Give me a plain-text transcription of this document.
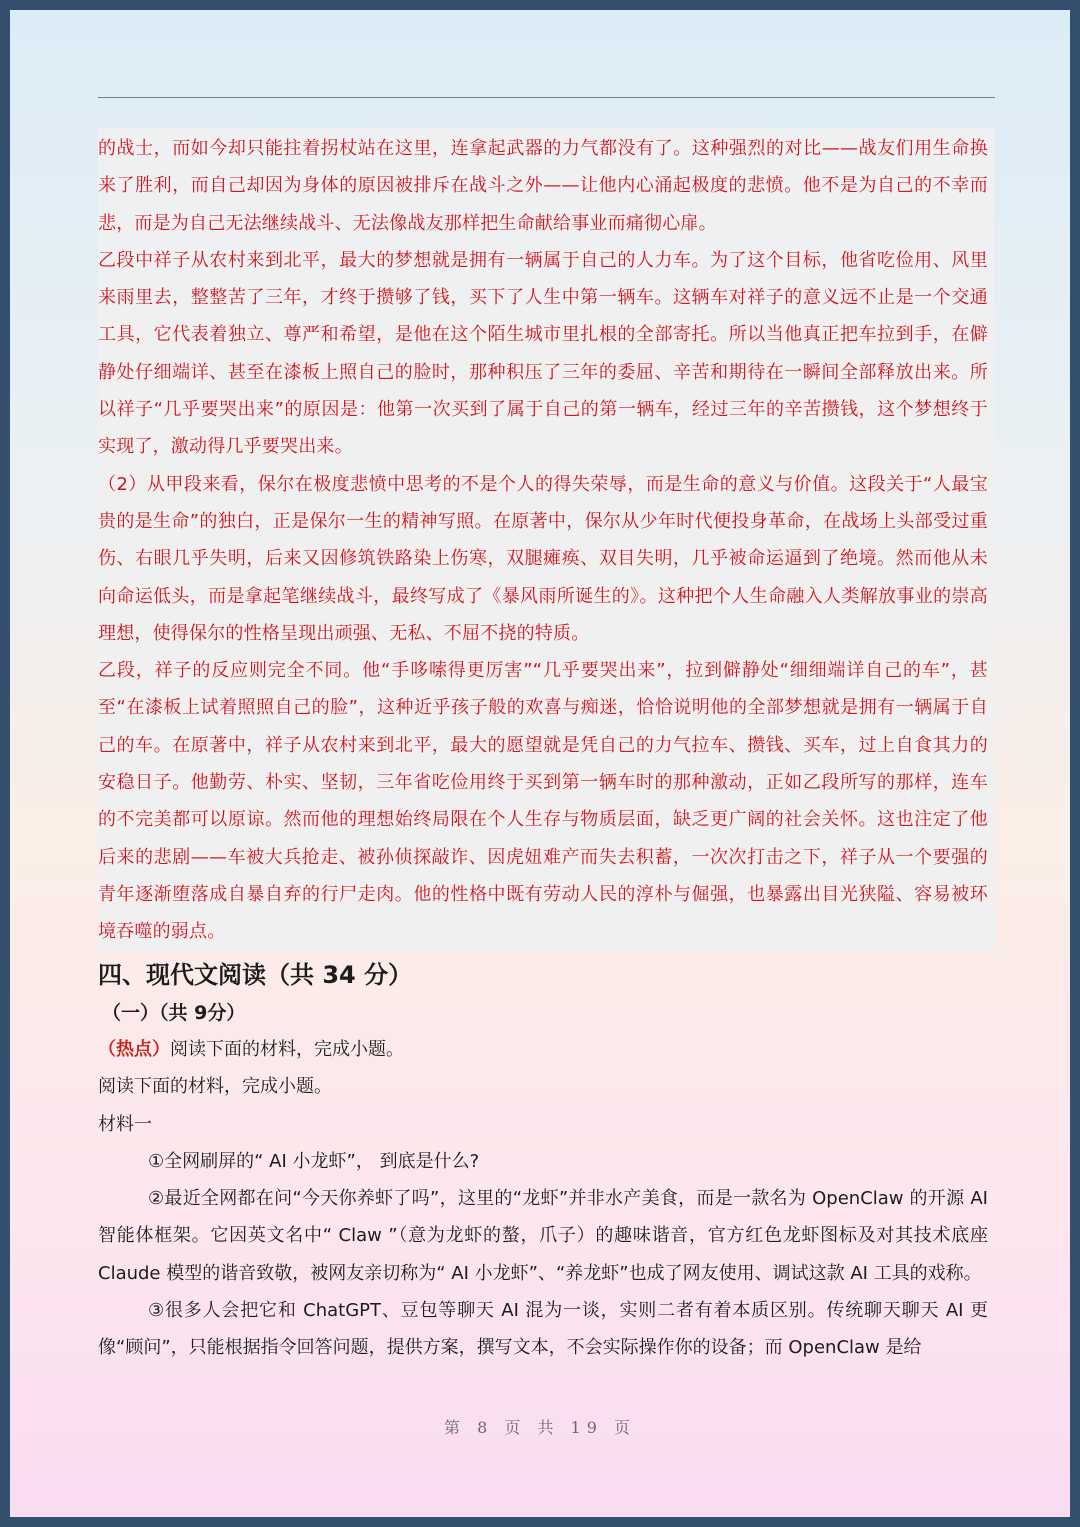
的战士，而如今却只能拄着拐杖站在这里，连拿起武器的力气都没有了。这种强烈的对比——战友们用生命换来了胜利，而自己却因为身体的原因被排斥在战斗之外——让他内心涌起极度的悲愤。他不是为自己的不幸而悲，而是为自己无法继续战斗、无法像战友那样把生命献给事业而痛彻心扉。

乙段中祥子从农村来到北平，最大的梦想就是拥有一辆属于自己的人力车。为了这个目标，他省吃俭用、风里来雨里去，整整苦了三年，才终于攒够了钱，买下了人生中第一辆车。这辆车对祥子的意义远不止是一个交通工具，它代表着独立、尊严和希望，是他在这个陌生城市里扎根的全部寄托。所以当他真正把车拉到手，在僻静处仔细端详、甚至在漆板上照自己的脸时，那种积压了三年的委屈、辛苦和期待在一瞬间全部释放出来。所以祥子“几乎要哭出来”的原因是：他第一次买到了属于自己的第一辆车，经过三年的辛苦攒钱，这个梦想终于实现了，激动得几乎要哭出来。

（2）从甲段来看，保尔在极度悲愤中思考的不是个人的得失荣辱，而是生命的意义与价值。这段关于“人最宝贵的是生命”的独白，正是保尔一生的精神写照。在原著中，保尔从少年时代便投身革命，在战场上头部受过重伤、右眼几乎失明，后来又因修筑铁路染上伤寒，双腿瘫痪、双目失明，几乎被命运逼到了绝境。然而他从未向命运低头，而是拿起笔继续战斗，最终写成了《暴风雨所诞生的》。这种把个人生命融入人类解放事业的崇高理想，使得保尔的性格呈现出顽强、无私、不屈不挠的特质。

乙段，祥子的反应则完全不同。他“手哆嗦得更厉害”“几乎要哭出来”，拉到僻静处“细细端详自己的车”，甚至“在漆板上试着照照自己的脸”，这种近乎孩子般的欢喜与痴迷，恰恰说明他的全部梦想就是拥有一辆属于自己的车。在原著中，祥子从农村来到北平，最大的愿望就是凭自己的力气拉车、攒钱、买车，过上自食其力的安稳日子。他勤劳、朴实、坚韧，三年省吃俭用终于买到第一辆车时的那种激动，正如乙段所写的那样，连车的不完美都可以原谅。然而他的理想始终局限在个人生存与物质层面，缺乏更广阔的社会关怀。这也注定了他后来的悲剧——车被大兵抢走、被孙侦探敲诈、因虎妞难产而失去积蓄，一次次打击之下，祥子从一个要强的青年逐渐堕落成自暴自弃的行尸走肉。他的性格中既有劳动人民的淳朴与倔强，也暴露出目光狭隘、容易被环境吞噬的弱点。

四、现代文阅读（共 34 分）
（一）（共 9分）
（热点）阅读下面的材料，完成小题。
阅读下面的材料，完成小题。
材料一

①全网刷屏的“ AI 小龙虾”， 到底是什么?

②最近全网都在问“今天你养虾了吗”，这里的“龙虾”并非水产美食，而是一款名为 OpenClaw 的开源 AI 智能体框架。它因英文名中“ Claw ”（意为龙虾的螯，爪子）的趣味谐音，官方红色龙虾图标及对其技术底座 Claude 模型的谐音致敬，被网友亲切称为“ AI 小龙虾”、“养龙虾”也成了网友使用、调试这款 AI 工具的戏称。

③很多人会把它和 ChatGPT、豆包等聊天 AI 混为一谈，实则二者有着本质区别。传统聊天聊天 AI 更像“顾问”，只能根据指令回答问题，提供方案，撰写文本，不会实际操作你的设备；而 OpenClaw 是给

第 8 页 共 19 页
